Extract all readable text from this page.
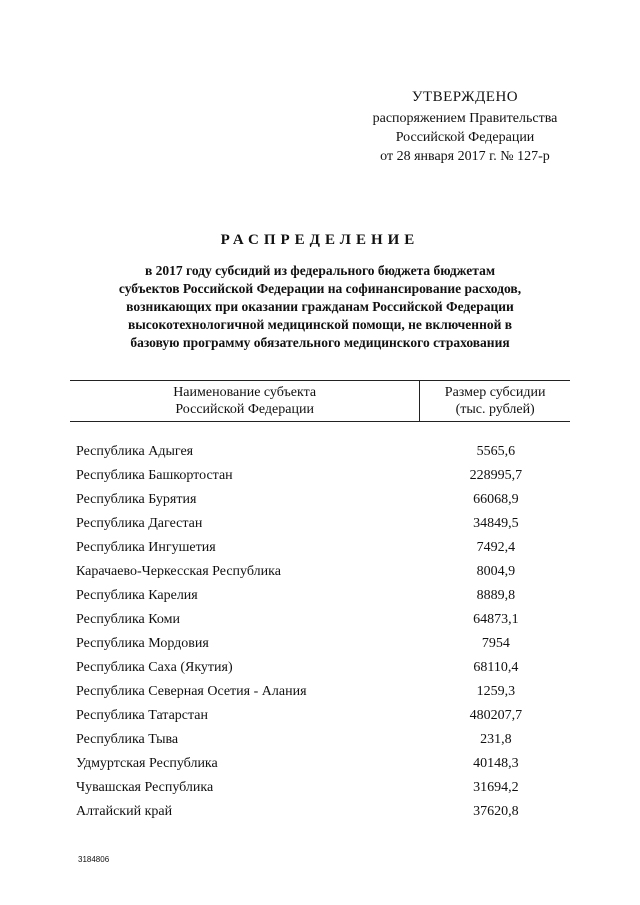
УТВЕРЖДЕНО
распоряжением Правительства
Российской Федерации
от 28 января 2017 г. № 127-р
РАСПРЕДЕЛЕНИЕ
в 2017 году субсидий из федерального бюджета бюджетам
субъектов Российской Федерации на софинансирование расходов,
возникающих при оказании гражданам Российской Федерации
высокотехнологичной медицинской помощи, не включенной в
базовую программу обязательного медицинского страхования
Наименование субъекта
Российской Федерации
Размер субсидии
(тыс. рублей)
Республика Адыгея	5565,6
Республика Башкортостан	228995,7
Республика Бурятия	66068,9
Республика Дагестан	34849,5
Республика Ингушетия	7492,4
Карачаево-Черкесская Республика	8004,9
Республика Карелия	8889,8
Республика Коми	64873,1
Республика Мордовия	7954
Республика Саха (Якутия)	68110,4
Республика Северная Осетия - Алания	1259,3
Республика Татарстан	480207,7
Республика Тыва	231,8
Удмуртская Республика	40148,3
Чувашская Республика	31694,2
Алтайский край	37620,8
3184806
